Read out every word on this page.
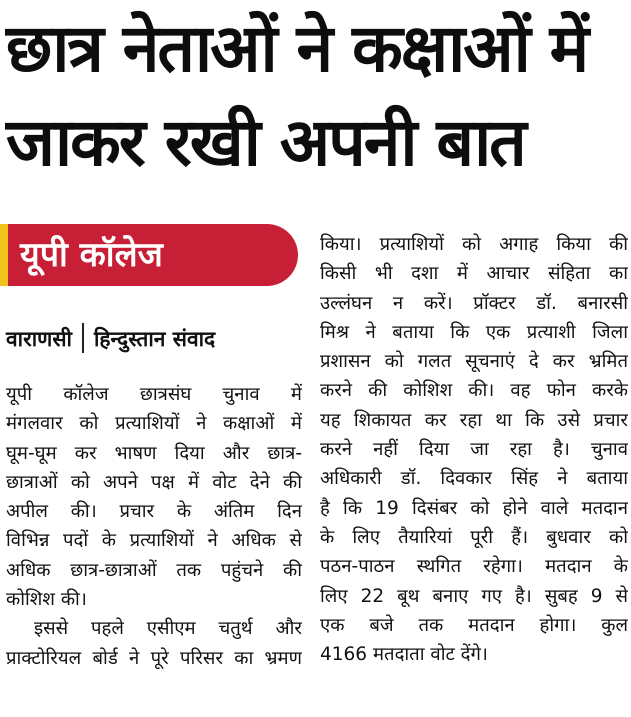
छात्र नेताओं ने कक्षाओं में
जाकर रखी अपनी बात
यूपी कॉलेज
वाराणसी हिन्दुस्तान संवाद
यूपी कॉलेज छात्रसंघ चुनाव में
मंगलवार को प्रत्याशियों ने कक्षाओं में
घूम-घूम कर भाषण दिया और छात्र-
छात्राओं को अपने पक्ष में वोट देने की
अपील की। प्रचार के अंतिम दिन
विभिन्न पदों के प्रत्याशियों ने अधिक से
अधिक छात्र-छात्राओं तक पहुंचने की
कोशिश की।
इससे पहले एसीएम चतुर्थ और
प्राक्टोरियल बोर्ड ने पूरे परिसर का भ्रमण
किया। प्रत्याशियों को अगाह किया की
किसी भी दशा में आचार संहिता का
उल्लंघन न करें। प्रॉक्टर डॉ. बनारसी
मिश्र ने बताया कि एक प्रत्याशी जिला
प्रशासन को गलत सूचनाएं दे कर भ्रमित
करने की कोशिश की। वह फोन करके
यह शिकायत कर रहा था कि उसे प्रचार
करने नहीं दिया जा रहा है। चुनाव
अधिकारी डॉ. दिवकार सिंह ने बताया
है कि 19 दिसंबर को होने वाले मतदान
के लिए तैयारियां पूरी हैं। बुधवार को
पठन-पाठन स्थगित रहेगा। मतदान के
लिए 22 बूथ बनाए गए है। सुबह 9 से
एक बजे तक मतदान होगा। कुल
4166 मतदाता वोट देंगे।
